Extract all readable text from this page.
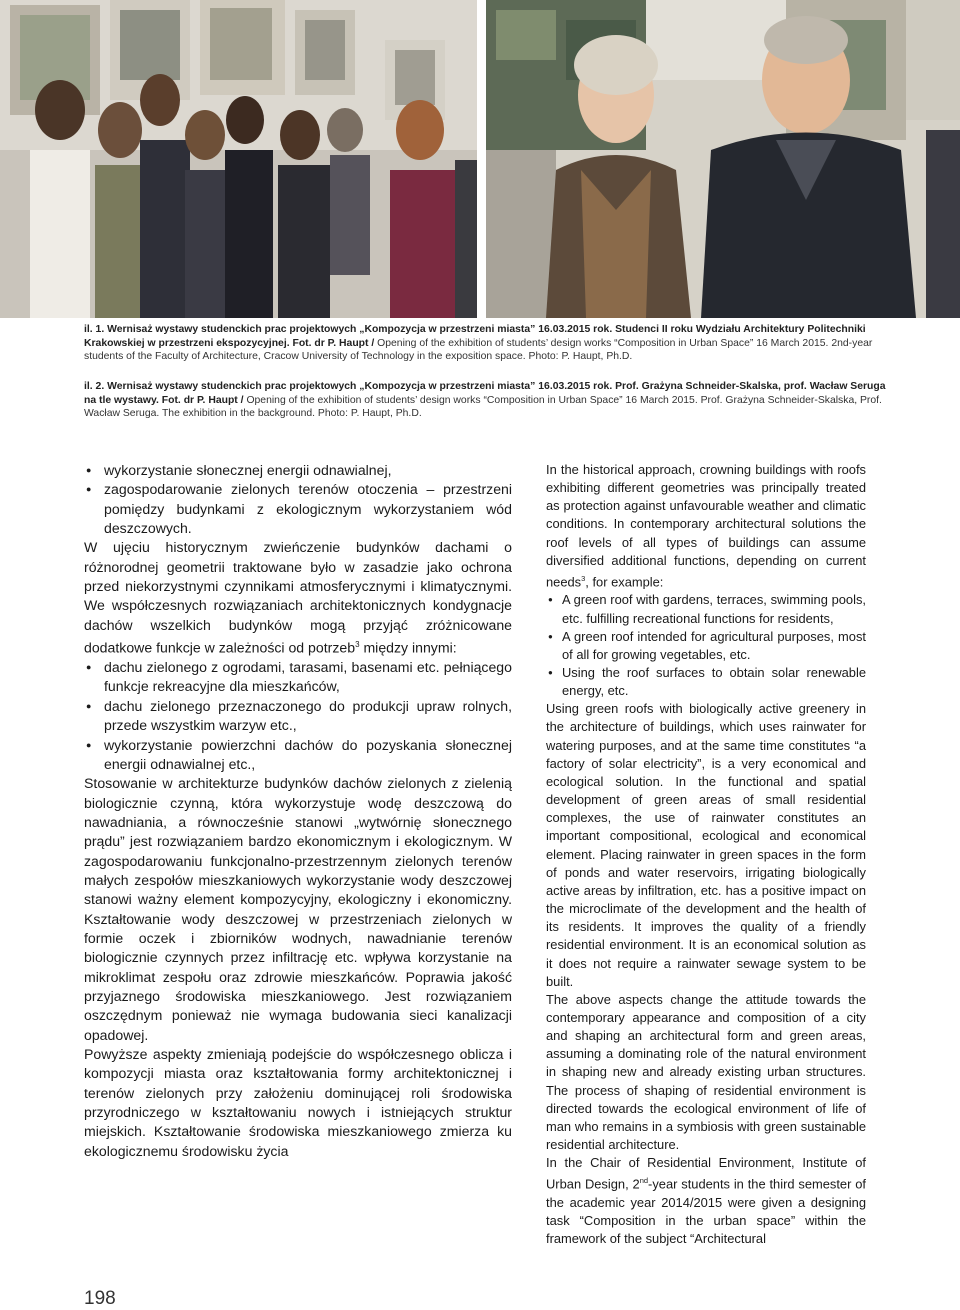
il. 1. Wernisaż wystawy studenckich prac projektowych „Kompozycja w przestrzeni miasta” 16.03.2015 rok. Studenci II roku Wydziału Architektury Politechniki Krakowskiej w przestrzeni ekspozycyjnej. Fot. dr P. Haupt / Opening of the exhibition of students’ design works “Composition in Urban Space” 16 March 2015. 2nd-year students of the Faculty of Architecture, Cracow University of Technology in the exposition space. Photo: P. Haupt, Ph.D.
il. 2. Wernisaż wystawy studenckich prac projektowych „Kompozycja w przestrzeni miasta” 16.03.2015 rok. Prof. Grażyna Schneider-Skalska, prof. Wacław Seruga na tle wystawy. Fot. dr P. Haupt / Opening of the exhibition of students’ design works “Composition in Urban Space” 16 March 2015. Prof. Grażyna Schneider-Skalska, Prof. Wacław Seruga. The exhibition in the background. Photo: P. Haupt, Ph.D.

● wykorzystanie słonecznej energii odnawialnej,

● zagospodarowanie zielonych terenów otoczenia – przestrzeni pomiędzy budynkami z ekologicznym wykorzystaniem wód deszczowych.

W ujęciu historycznym zwieńczenie budynków dachami o różnorodnej geometrii traktowane było w zasadzie jako ochrona przed niekorzystnymi czynnikami atmosferycznymi i klimatycznymi. We współczesnych rozwiązaniach architektonicznych kondygnacje dachów wszelkich budynków mogą przyjąć zróżnicowane dodatkowe funkcje w zależności od potrzeb$^3$ między innymi:

● dachu zielonego z ogrodami, tarasami, basenami etc. pełniącego funkcje rekreacyjne dla mieszkańców,

● dachu zielonego przeznaczonego do produkcji upraw rolnych, przede wszystkim warzyw etc.,

● wykorzystanie powierzchni dachów do pozyskania słonecznej energii odnawialnej etc.,

Stosowanie w architekturze budynków dachów zielonych z zielenią biologicznie czynną, która wykorzystuje wodę deszczową do nawadniania, a równocześnie stanowi „wytwórnię słonecznego prądu” jest rozwiązaniem bardzo ekonomicznym i ekologicznym. W zagospodarowaniu funkcjonalno-przestrzennym zielonych terenów małych zespołów mieszkaniowych wykorzystanie wody deszczowej stanowi ważny element kompozycyjny, ekologiczny i ekonomiczny. Kształtowanie wody deszczowej w przestrzeniach zielonych w formie oczek i zbiorników wodnych, nawadnianie terenów biologicznie czynnych przez infiltrację etc. wpływa korzystanie na mikroklimat zespołu oraz zdrowie mieszkańców. Poprawia jakość przyjaznego środowiska mieszkaniowego. Jest rozwiązaniem oszczędnym ponieważ nie wymaga budowania sieci kanalizacji opadowej.

Powyższe aspekty zmieniają podejście do współczesnego oblicza i kompozycji miasta oraz kształtowania formy architektonicznej i terenów zielonych przy założeniu dominującej roli środowiska przyrodniczego w kształtowaniu nowych i istniejących struktur miejskich. Kształtowanie środowiska mieszkaniowego zmierza ku ekologicznemu środowisku życia

In the historical approach, crowning buildings with roofs exhibiting different geometries was principally treated as protection against unfavourable weather and climatic conditions. In contemporary architectural solutions the roof levels of all types of buildings can assume diversified additional functions, depending on current needs$^3$, for example:

● A green roof with gardens, terraces, swimming pools, etc. fulfilling recreational functions for residents,

● A green roof intended for agricultural purposes, most of all for growing vegetables, etc.

● Using the roof surfaces to obtain solar renewable energy, etc.

Using green roofs with biologically active greenery in the architecture of buildings, which uses rainwater for watering purposes, and at the same time constitutes “a factory of solar electricity”, is a very economical and ecological solution. In the functional and spatial development of green areas of small residential complexes, the use of rainwater constitutes an important compositional, ecological and economical element. Placing rainwater in green spaces in the form of ponds and water reservoirs, irrigating biologically active areas by infiltration, etc. has a positive impact on the microclimate of the development and the health of its residents. It improves the quality of a friendly residential environment. It is an economical solution as it does not require a rainwater sewage system to be built.

The above aspects change the attitude towards the contemporary appearance and composition of a city and shaping an architectural form and green areas, assuming a dominating role of the natural environment in shaping new and already existing urban structures. The process of shaping of residential environment is directed towards the ecological environment of life of man who remains in a symbiosis with green sustainable residential architecture.

In the Chair of Residential Environment, Institute of Urban Design, 2nd-year students in the third semester of the academic year 2014/2015 were given a designing task “Composition in the urban space” within the framework of the subject “Architectural

198
